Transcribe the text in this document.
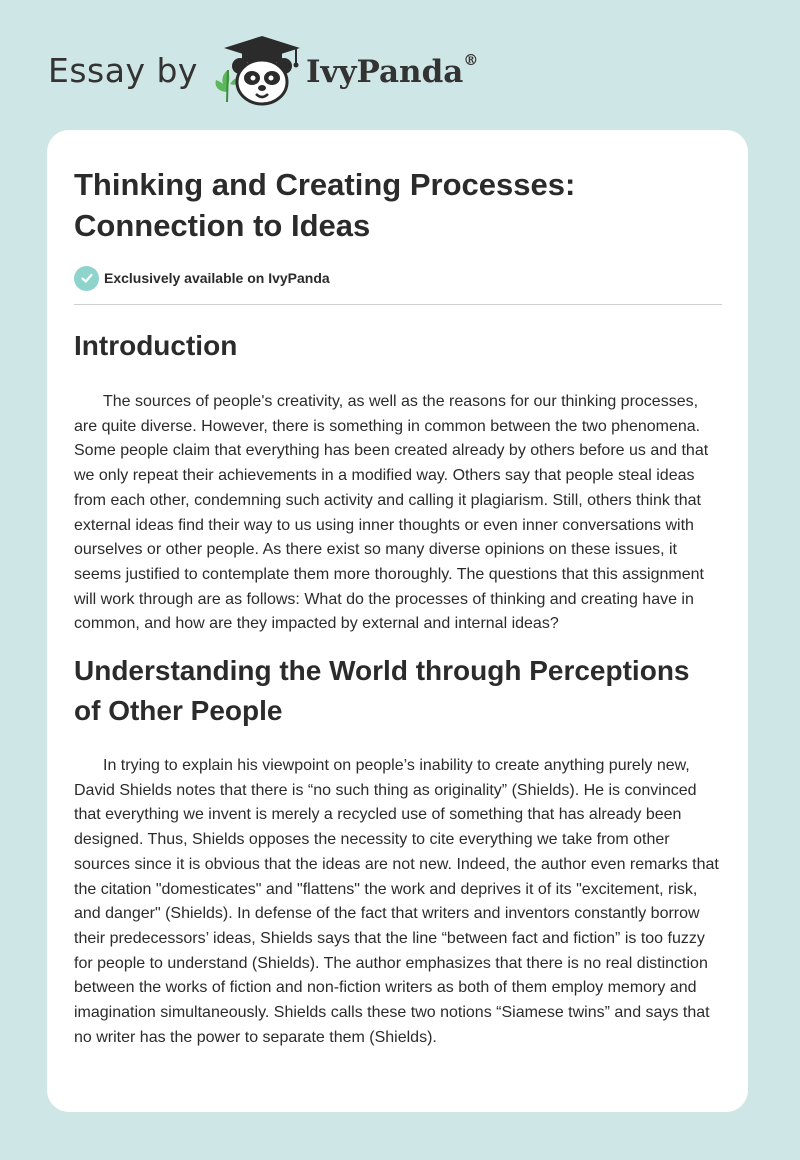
Essay by	IvyPanda®
Thinking and Creating Processes: Connection to Ideas
Exclusively available on IvyPanda
Introduction

The sources of people's creativity, as well as the reasons for our thinking processes, are quite diverse. However, there is something in common between the two phenomena. Some people claim that everything has been created already by others before us and that we only repeat their achievements in a modified way. Others say that people steal ideas from each other, condemning such activity and calling it plagiarism. Still, others think that external ideas find their way to us using inner thoughts or even inner conversations with ourselves or other people. As there exist so many diverse opinions on these issues, it seems justified to contemplate them more thoroughly. The questions that this assignment will work through are as follows: What do the processes of thinking and creating have in common, and how are they impacted by external and internal ideas?

Understanding the World through Perceptions of Other People

In trying to explain his viewpoint on people’s inability to create anything purely new, David Shields notes that there is “no such thing as originality” (Shields). He is convinced that everything we invent is merely a recycled use of something that has already been designed. Thus, Shields opposes the necessity to cite everything we take from other sources since it is obvious that the ideas are not new. Indeed, the author even remarks that the citation "domesticates" and "flattens" the work and deprives it of its "excitement, risk, and danger" (Shields). In defense of the fact that writers and inventors constantly borrow their predecessors’ ideas, Shields says that the line “between fact and fiction” is too fuzzy for people to understand (Shields). The author emphasizes that there is no real distinction between the works of fiction and non-fiction writers as both of them employ memory and imagination simultaneously. Shields calls these two notions “Siamese twins” and says that no writer has the power to separate them (Shields).
